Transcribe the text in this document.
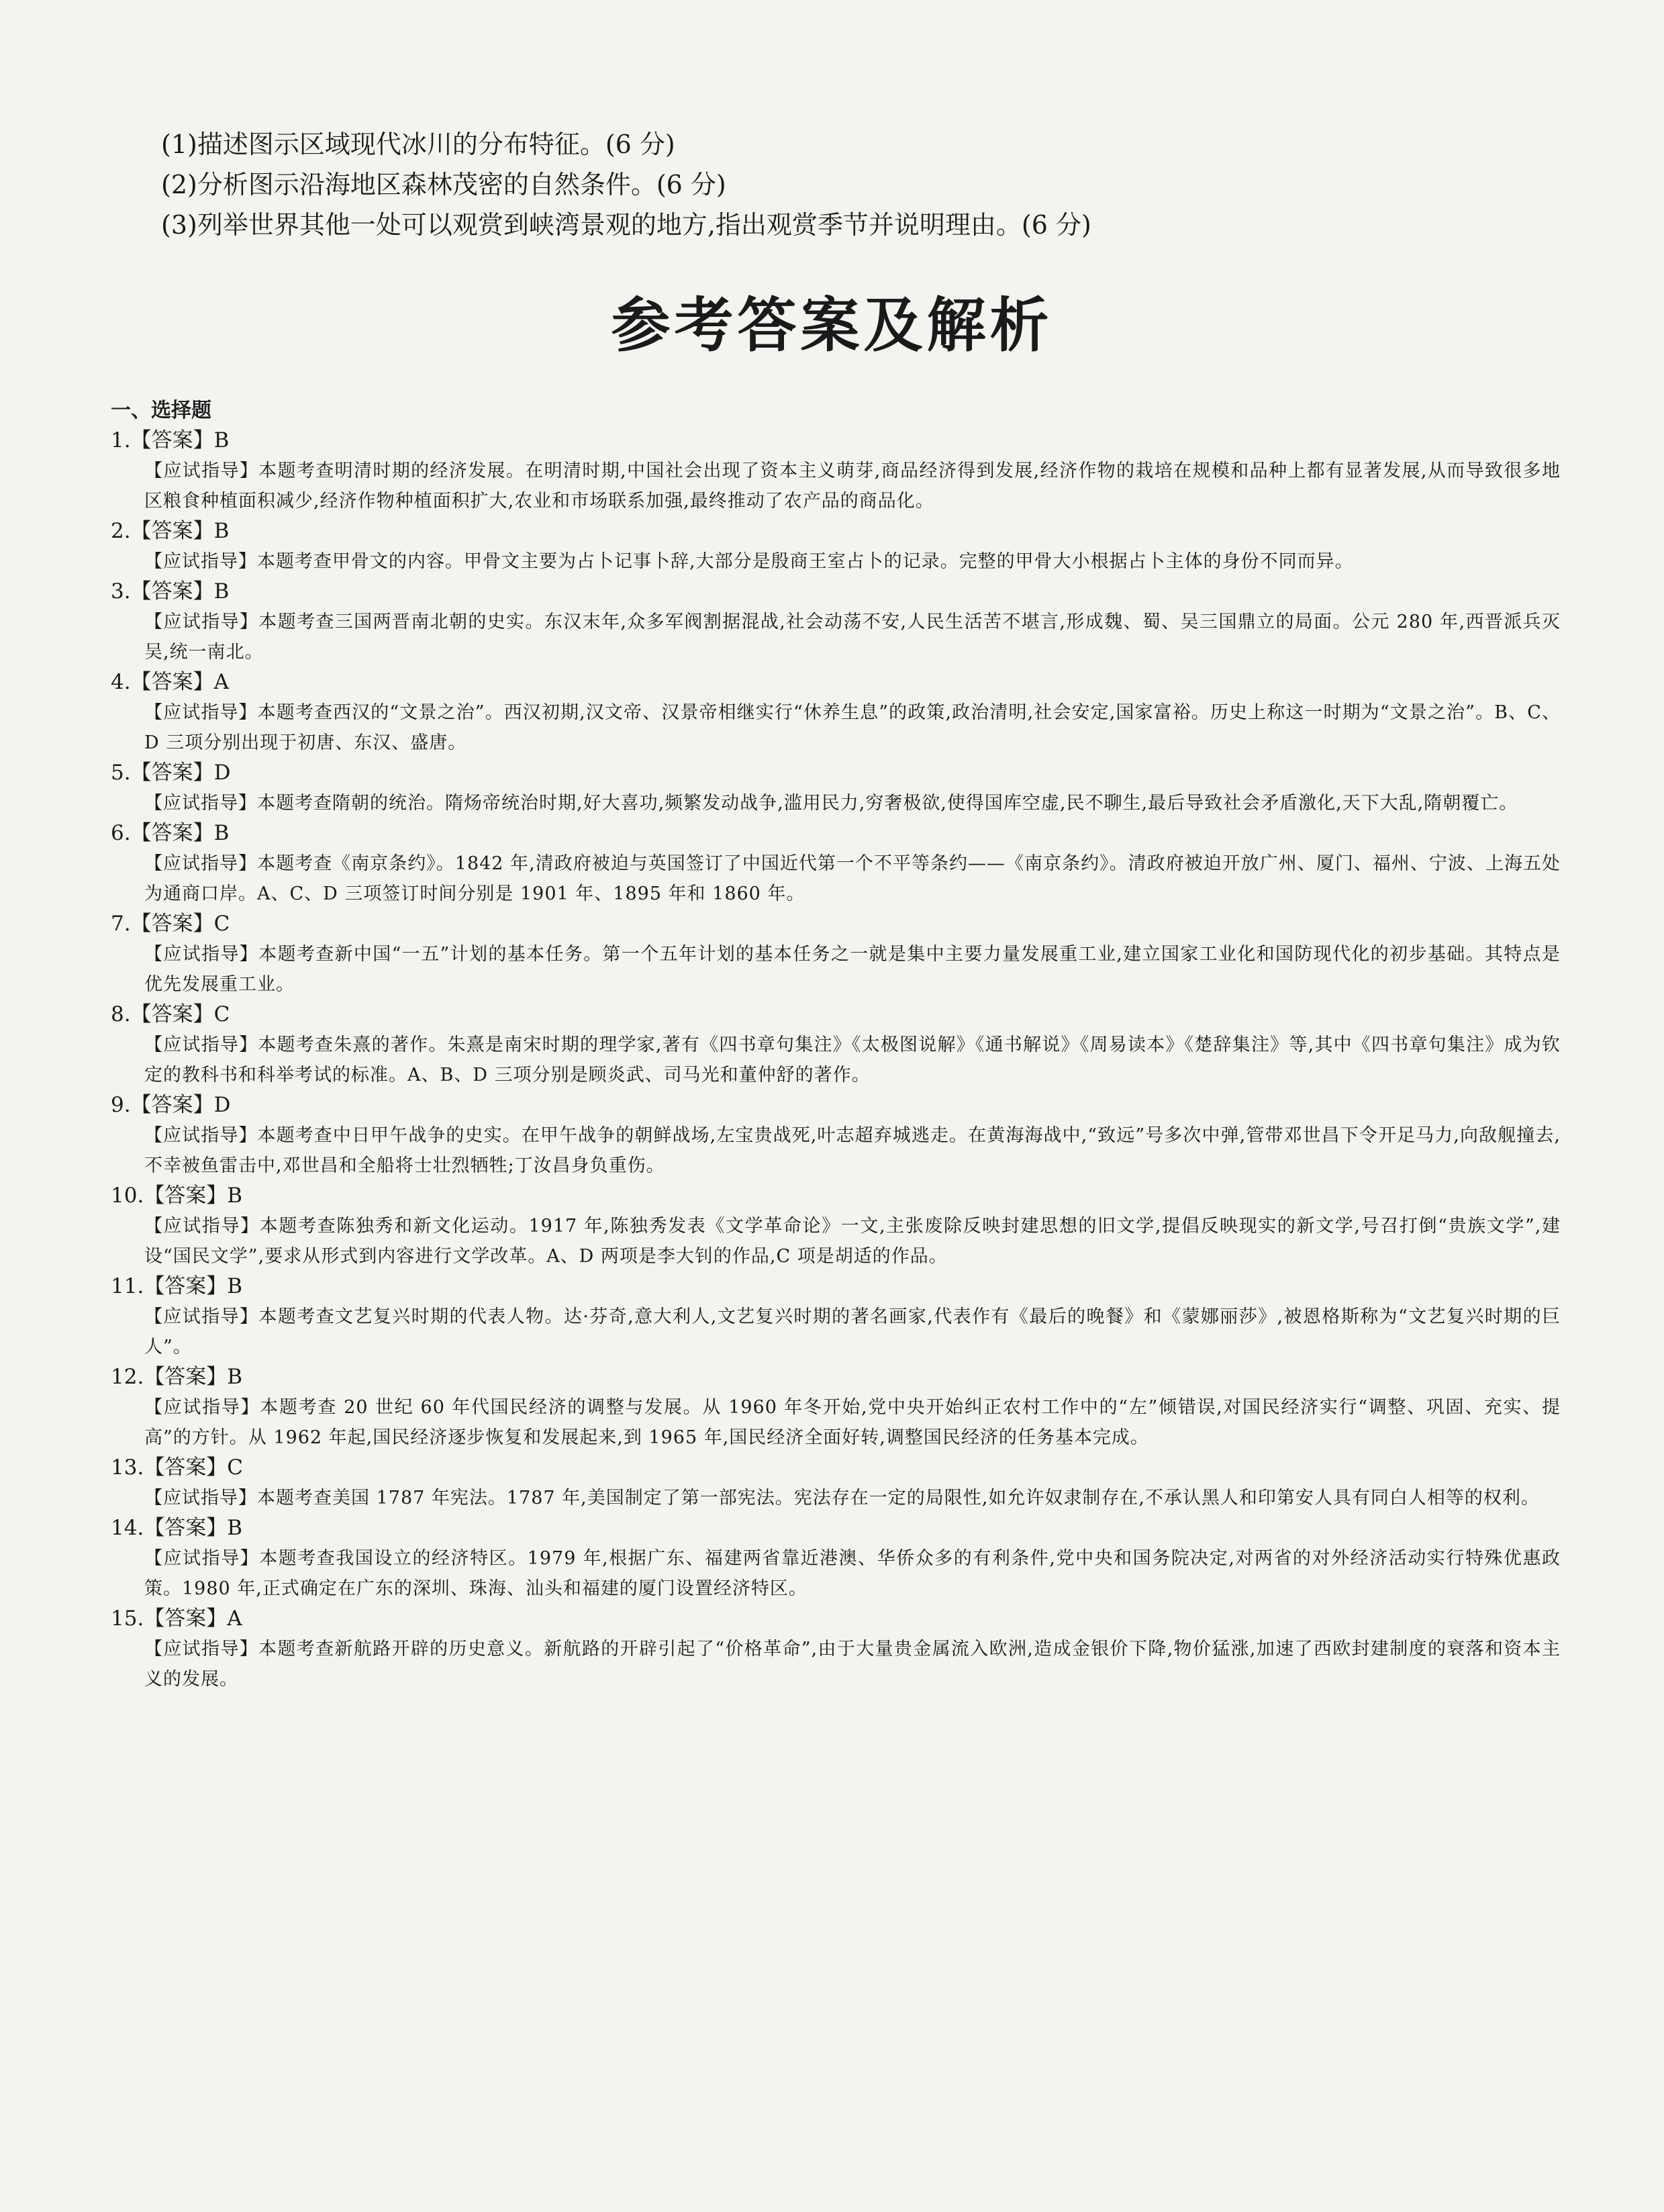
(1)描述图示区域现代冰川的分布特征。(6 分)
(2)分析图示沿海地区森林茂密的自然条件。(6 分)
(3)列举世界其他一处可以观赏到峡湾景观的地方,指出观赏季节并说明理由。(6 分)
参考答案及解析
一、选择题
1.【答案】B
【应试指导】本题考查明清时期的经济发展。在明清时期,中国社会出现了资本主义萌芽,商品经济得到发展,经济作物的栽培在规模和品种上都有显著发展,从而导致很多地区粮食种植面积减少,经济作物种植面积扩大,农业和市场联系加强,最终推动了农产品的商品化。
2.【答案】B
【应试指导】本题考查甲骨文的内容。甲骨文主要为占卜记事卜辞,大部分是殷商王室占卜的记录。完整的甲骨大小根据占卜主体的身份不同而异。
3.【答案】B
【应试指导】本题考查三国两晋南北朝的史实。东汉末年,众多军阀割据混战,社会动荡不安,人民生活苦不堪言,形成魏、蜀、吴三国鼎立的局面。公元 280 年,西晋派兵灭吴,统一南北。
4.【答案】A
【应试指导】本题考查西汉的“文景之治”。西汉初期,汉文帝、汉景帝相继实行“休养生息”的政策,政治清明,社会安定,国家富裕。历史上称这一时期为“文景之治”。B、C、D 三项分别出现于初唐、东汉、盛唐。
5.【答案】D
【应试指导】本题考查隋朝的统治。隋炀帝统治时期,好大喜功,频繁发动战争,滥用民力,穷奢极欲,使得国库空虚,民不聊生,最后导致社会矛盾激化,天下大乱,隋朝覆亡。
6.【答案】B
【应试指导】本题考查《南京条约》。1842 年,清政府被迫与英国签订了中国近代第一个不平等条约——《南京条约》。清政府被迫开放广州、厦门、福州、宁波、上海五处为通商口岸。A、C、D 三项签订时间分别是 1901 年、1895 年和 1860 年。
7.【答案】C
【应试指导】本题考查新中国“一五”计划的基本任务。第一个五年计划的基本任务之一就是集中主要力量发展重工业,建立国家工业化和国防现代化的初步基础。其特点是优先发展重工业。
8.【答案】C
【应试指导】本题考查朱熹的著作。朱熹是南宋时期的理学家,著有《四书章句集注》《太极图说解》《通书解说》《周易读本》《楚辞集注》等,其中《四书章句集注》成为钦定的教科书和科举考试的标准。A、B、D 三项分别是顾炎武、司马光和董仲舒的著作。
9.【答案】D
【应试指导】本题考查中日甲午战争的史实。在甲午战争的朝鲜战场,左宝贵战死,叶志超弃城逃走。在黄海海战中,“致远”号多次中弹,管带邓世昌下令开足马力,向敌舰撞去,不幸被鱼雷击中,邓世昌和全船将士壮烈牺牲;丁汝昌身负重伤。
10.【答案】B
【应试指导】本题考查陈独秀和新文化运动。1917 年,陈独秀发表《文学革命论》一文,主张废除反映封建思想的旧文学,提倡反映现实的新文学,号召打倒“贵族文学”,建设“国民文学”,要求从形式到内容进行文学改革。A、D 两项是李大钊的作品,C 项是胡适的作品。
11.【答案】B
【应试指导】本题考查文艺复兴时期的代表人物。达·芬奇,意大利人,文艺复兴时期的著名画家,代表作有《最后的晚餐》和《蒙娜丽莎》,被恩格斯称为“文艺复兴时期的巨人”。
12.【答案】B
【应试指导】本题考查 20 世纪 60 年代国民经济的调整与发展。从 1960 年冬开始,党中央开始纠正农村工作中的“左”倾错误,对国民经济实行“调整、巩固、充实、提高”的方针。从 1962 年起,国民经济逐步恢复和发展起来,到 1965 年,国民经济全面好转,调整国民经济的任务基本完成。
13.【答案】C
【应试指导】本题考查美国 1787 年宪法。1787 年,美国制定了第一部宪法。宪法存在一定的局限性,如允许奴隶制存在,不承认黑人和印第安人具有同白人相等的权利。
14.【答案】B
【应试指导】本题考查我国设立的经济特区。1979 年,根据广东、福建两省靠近港澳、华侨众多的有利条件,党中央和国务院决定,对两省的对外经济活动实行特殊优惠政策。1980 年,正式确定在广东的深圳、珠海、汕头和福建的厦门设置经济特区。
15.【答案】A
【应试指导】本题考查新航路开辟的历史意义。新航路的开辟引起了“价格革命”,由于大量贵金属流入欧洲,造成金银价下降,物价猛涨,加速了西欧封建制度的衰落和资本主义的发展。
